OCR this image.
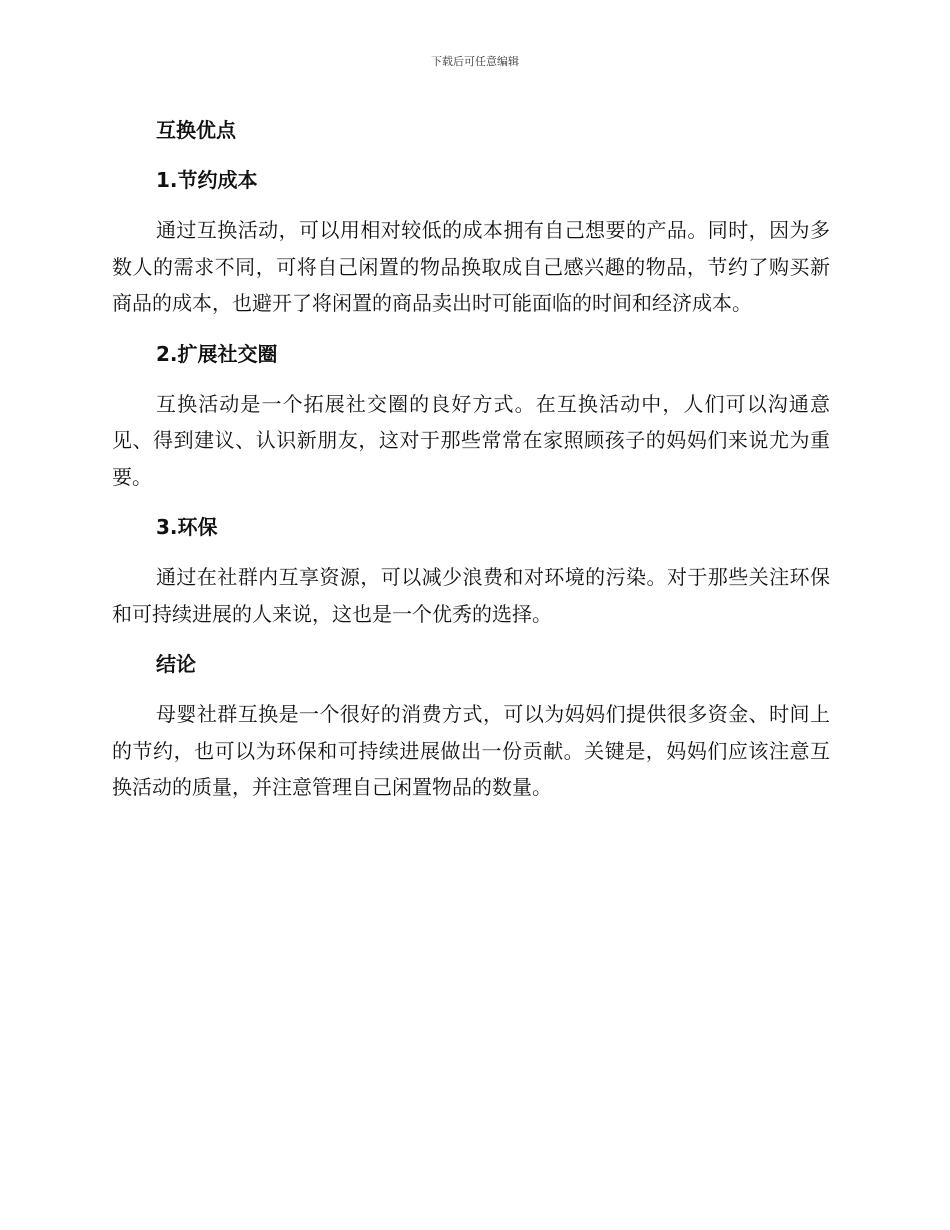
下载后可任意编辑
互换优点
1.节约成本
通过互换活动，可以用相对较低的成本拥有自己想要的产品。同时，因为多数人的需求不同，可将自己闲置的物品换取成自己感兴趣的物品，节约了购买新商品的成本，也避开了将闲置的商品卖出时可能面临的时间和经济成本。
2.扩展社交圈
互换活动是一个拓展社交圈的良好方式。在互换活动中，人们可以沟通意见、得到建议、认识新朋友，这对于那些常常在家照顾孩子的妈妈们来说尤为重要。
3.环保
通过在社群内互享资源，可以减少浪费和对环境的污染。对于那些关注环保和可持续进展的人来说，这也是一个优秀的选择。
结论
母婴社群互换是一个很好的消费方式，可以为妈妈们提供很多资金、时间上的节约，也可以为环保和可持续进展做出一份贡献。关键是，妈妈们应该注意互换活动的质量，并注意管理自己闲置物品的数量。
